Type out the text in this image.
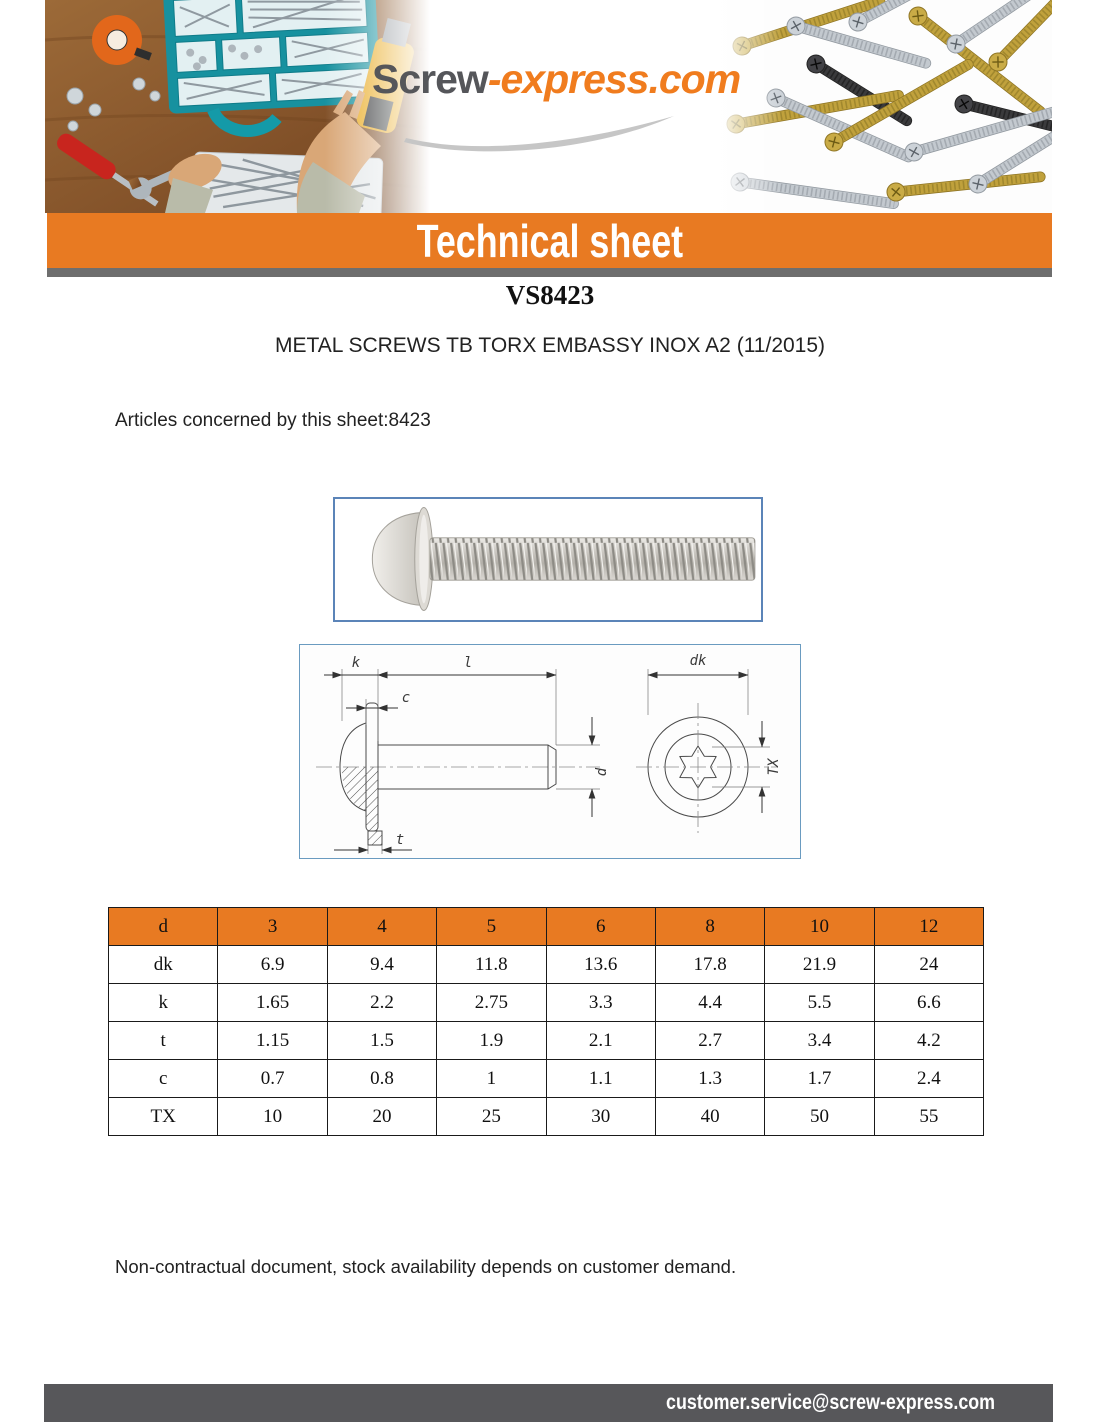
Screw-express.com
Technical sheet
VS8423
METAL SCREWS TB TORX EMBASSY INOX A2 (11/2015)
Articles concerned by this sheet:8423
k	l
c
t
d
dk
TX
d	3	4	5	6	8	10	12
dk	6.9	9.4	11.8	13.6	17.8	21.9	24
k	1.65	2.2	2.75	3.3	4.4	5.5	6.6
t	1.15	1.5	1.9	2.1	2.7	3.4	4.2
c	0.7	0.8	1	1.1	1.3	1.7	2.4
TX	10	20	25	30	40	50	55
Non-contractual document, stock availability depends on customer demand.
customer.service@screw-express.com
